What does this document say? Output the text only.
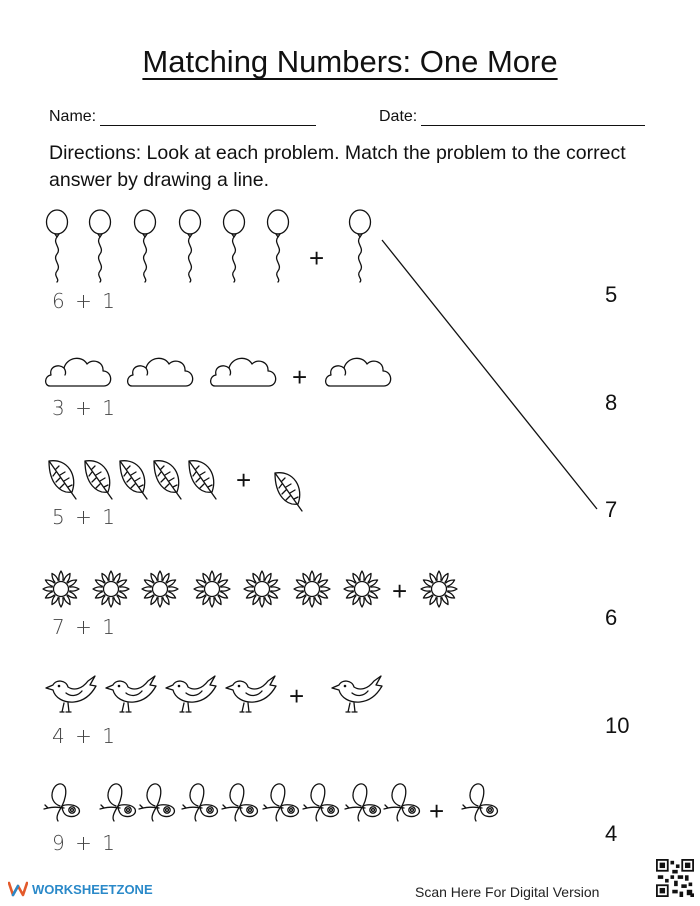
Matching Numbers: One More
Name:	Date:
Directions: Look at each problem. Match the problem to the correct answer by drawing a line.
+
6 + 1	5
+
3 + 1	8
+
5 + 1	7
+
7 + 1	6
+
4 + 1	10
+
9 + 1	4
WORKSHEETZONE	Scan Here For Digital Version
